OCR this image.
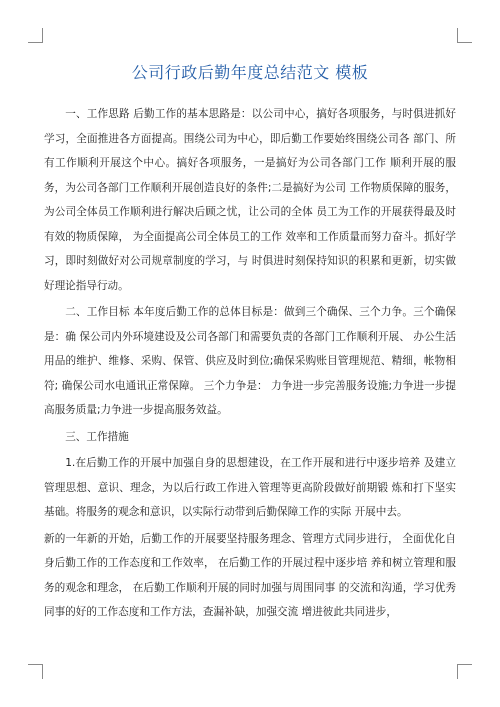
公司行政后勤年度总结范文 模板

一、工作思路 后勤工作的基本思路是：以公司中心，搞好各项服务，与时俱进抓好学习，全面推进各方面提高。围绕公司为中心，即后勤工作要始终围绕公司各 部门、所有工作顺利开展这个中心。搞好各项服务，一是搞好为公司各部门工作 顺利开展的服务，为公司各部门工作顺利开展创造良好的条件;二是搞好为公司 工作物质保障的服务，为公司全体员工作顺利进行解决后顾之忧，让公司的全体 员工为工作的开展获得最及时有效的物质保障， 为全面提高公司全体员工的工作 效率和工作质量而努力奋斗。抓好学习，即时刻做好对公司规章制度的学习，与 时俱进时刻保持知识的积累和更新，切实做好理论指导行动。

二、工作目标 本年度后勤工作的总体目标是：做到三个确保、三个力争。三个确保是：确 保公司内外环境建设及公司各部门和需要负责的各部门工作顺利开展、 办公生活 用品的维护、维修、采购、保管、供应及时到位;确保采购账目管理规范、精细，帐物相符; 确保公司水电通讯正常保障。 三个力争是： 力争进一步完善服务设施;力争进一步提高服务质量;力争进一步提高服务效益。

三、工作措施

1.在后勤工作的开展中加强自身的思想建设，在工作开展和进行中逐步培养 及建立管理思想、意识、理念，为以后行政工作进入管理等更高阶段做好前期锻 炼和打下坚实基础。将服务的观念和意识，以实际行动带到后勤保障工作的实际 开展中去。

新的一年新的开始，后勤工作的开展要坚持服务理念、管理方式同步进行， 全面优化自身后勤工作的工作态度和工作效率， 在后勤工作的开展过程中逐步培 养和树立管理和服务的观念和理念， 在后勤工作顺利开展的同时加强与周围同事 的交流和沟通，学习优秀同事的好的工作态度和工作方法，查漏补缺，加强交流 增进彼此共同进步，
